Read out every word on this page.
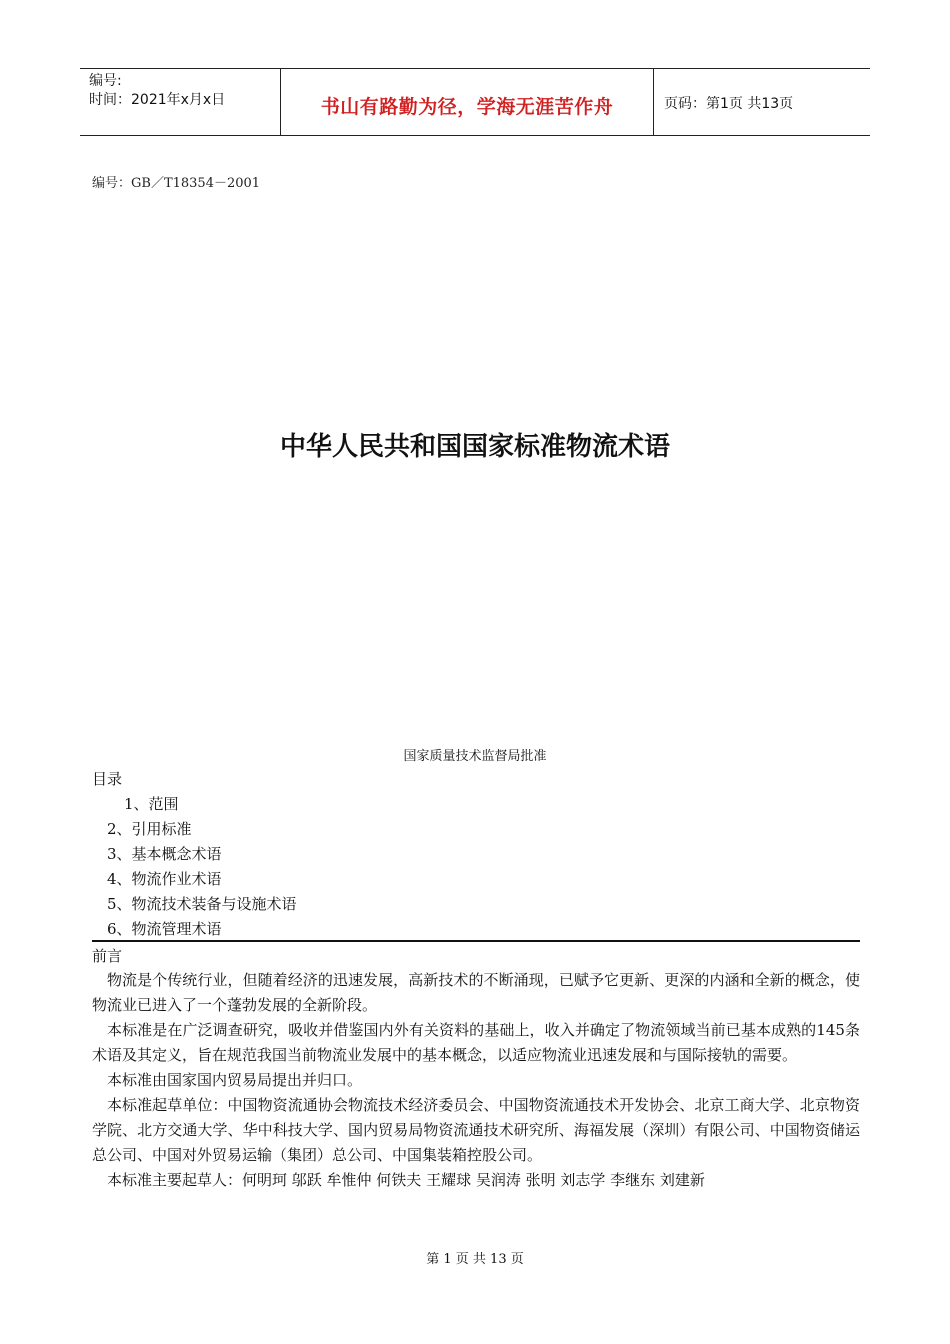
编号:
时间：2021年x月x日	书山有路勤为径，学海无涯苦作舟	页码：第1页 共13页
编号：GB／T18354－2001
中华人民共和国国家标准物流术语
国家质量技术监督局批准
目录
1、范围
2、引用标准
3、基本概念术语
4、物流作业术语
5、物流技术装备与设施术语
6、物流管理术语
前言

物流是个传统行业，但随着经济的迅速发展，高新技术的不断涌现，已赋予它更新、更深的内涵和全新的概念，使物流业已进入了一个蓬勃发展的全新阶段。

本标准是在广泛调查研究，吸收并借鉴国内外有关资料的基础上，收入并确定了物流领域当前已基本成熟的145条术语及其定义，旨在规范我国当前物流业发展中的基本概念，以适应物流业迅速发展和与国际接轨的需要。

本标准由国家国内贸易局提出并归口。

本标准起草单位：中国物资流通协会物流技术经济委员会、中国物资流通技术开发协会、北京工商大学、北京物资学院、北方交通大学、华中科技大学、国内贸易局物资流通技术研究所、海福发展（深圳）有限公司、中国物资储运总公司、中国对外贸易运输（集团）总公司、中国集装箱控股公司。

本标准主要起草人：何明珂 邬跃 牟惟仲 何铁夫 王耀球 吴润涛 张明 刘志学 李继东 刘建新

第 1 页 共 13 页
